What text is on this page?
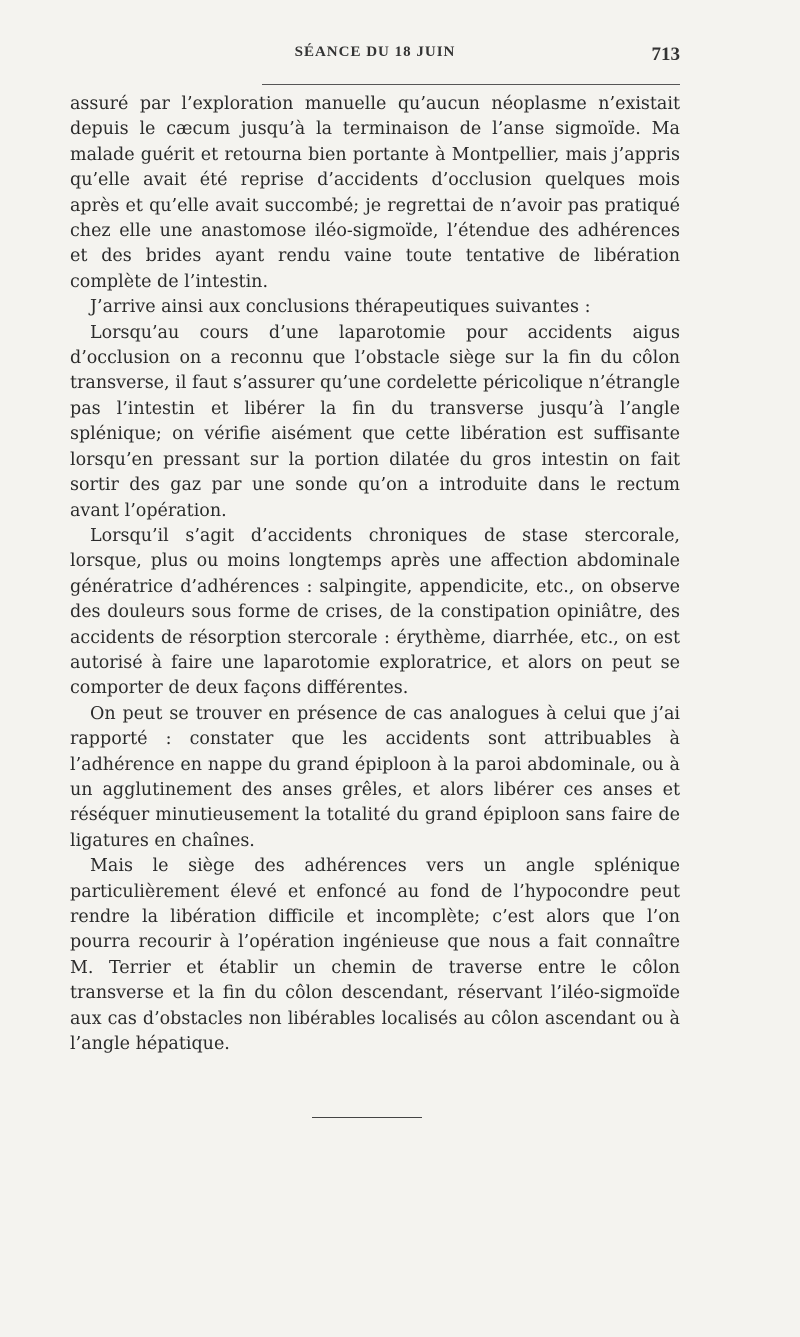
SÉANCE DU 18 JUIN	713

assuré par l’exploration manuelle qu’aucun néoplasme n’existait depuis le cæcum jusqu’à la terminaison de l’anse sigmoïde. Ma malade guérit et retourna bien portante à Montpellier, mais j’appris qu’elle avait été reprise d’accidents d’occlusion quelques mois après et qu’elle avait succombé; je regrettai de n’avoir pas pratiqué chez elle une anastomose iléo-sigmoïde, l’étendue des adhérences et des brides ayant rendu vaine toute tentative de libération complète de l’intestin.

J’arrive ainsi aux conclusions thérapeutiques suivantes :

Lorsqu’au cours d’une laparotomie pour accidents aigus d’occlusion on a reconnu que l’obstacle siège sur la fin du côlon transverse, il faut s’assurer qu’une cordelette péricolique n’étrangle pas l’intestin et libérer la fin du transverse jusqu’à l’angle splénique; on vérifie aisément que cette libération est suffisante lorsqu’en pressant sur la portion dilatée du gros intestin on fait sortir des gaz par une sonde qu’on a introduite dans le rectum avant l’opération.

Lorsqu’il s’agit d’accidents chroniques de stase stercorale, lorsque, plus ou moins longtemps après une affection abdominale génératrice d’adhérences : salpingite, appendicite, etc., on observe des douleurs sous forme de crises, de la constipation opiniâtre, des accidents de résorption stercorale : érythème, diarrhée, etc., on est autorisé à faire une laparotomie exploratrice, et alors on peut se comporter de deux façons différentes.

On peut se trouver en présence de cas analogues à celui que j’ai rapporté : constater que les accidents sont attribuables à l’adhérence en nappe du grand épiploon à la paroi abdominale, ou à un agglutinement des anses grêles, et alors libérer ces anses et réséquer minutieusement la totalité du grand épiploon sans faire de ligatures en chaînes.

Mais le siège des adhérences vers un angle splénique particulièrement élevé et enfoncé au fond de l’hypocondre peut rendre la libération difficile et incomplète; c’est alors que l’on pourra recourir à l’opération ingénieuse que nous a fait connaître M. Terrier et établir un chemin de traverse entre le côlon transverse et la fin du côlon descendant, réservant l’iléo-sigmoïde aux cas d’obstacles non libérables localisés au côlon ascendant ou à l’angle hépatique.
